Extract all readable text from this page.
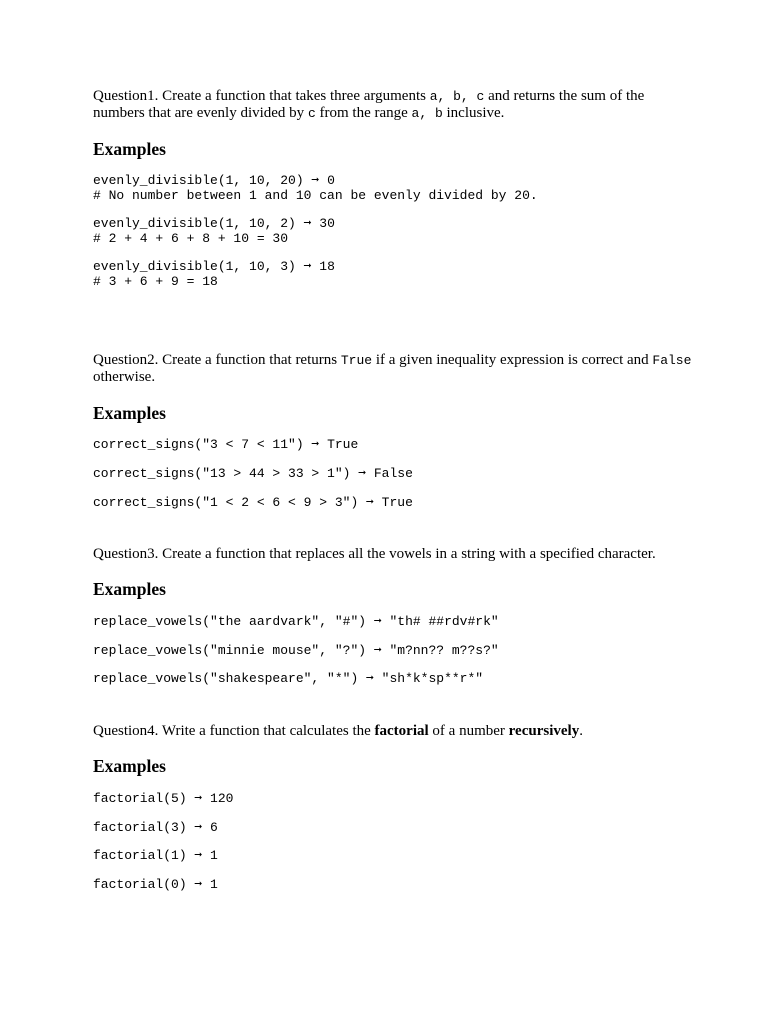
Question1. Create a function that takes three arguments a, b, c and returns the sum of the numbers that are evenly divided by c from the range a, b inclusive.

Examples
evenly_divisible(1, 10, 20) ➞ 0
# No number between 1 and 10 can be evenly divided by 20.
evenly_divisible(1, 10, 2) ➞ 30
# 2 + 4 + 6 + 8 + 10 = 30
evenly_divisible(1, 10, 3) ➞ 18
# 3 + 6 + 9 = 18

Question2. Create a function that returns True if a given inequality expression is correct and False otherwise.

Examples
correct_signs("3 < 7 < 11") ➞ True
correct_signs("13 > 44 > 33 > 1") ➞ False
correct_signs("1 < 2 < 6 < 9 > 3") ➞ True

Question3. Create a function that replaces all the vowels in a string with a specified character.

Examples
replace_vowels("the aardvark", "#") ➞ "th# ##rdv#rk"
replace_vowels("minnie mouse", "?") ➞ "m?nn?? m??s?"
replace_vowels("shakespeare", "*") ➞ "sh*k*sp**r*"

Question4. Write a function that calculates the factorial of a number recursively.

Examples
factorial(5) ➞ 120
factorial(3) ➞ 6
factorial(1) ➞ 1
factorial(0) ➞ 1
